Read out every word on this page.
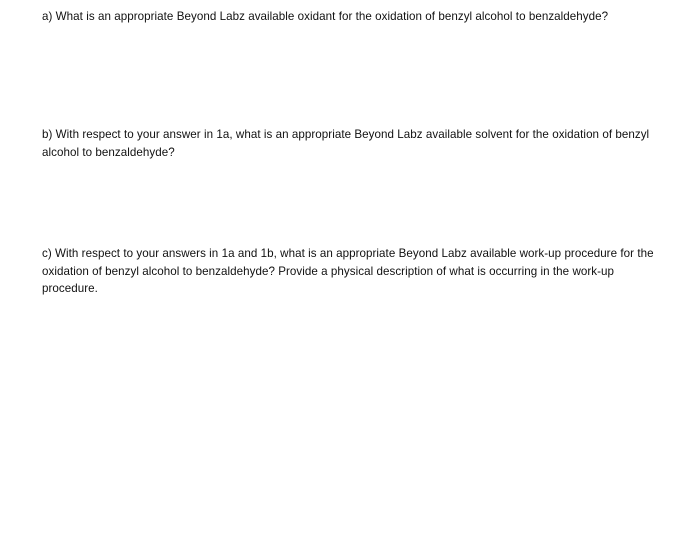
a) What is an appropriate Beyond Labz available oxidant for the oxidation of benzyl alcohol to benzaldehyde?

b) With respect to your answer in 1a, what is an appropriate Beyond Labz available solvent for the oxidation of benzyl alcohol to benzaldehyde?

c) With respect to your answers in 1a and 1b, what is an appropriate Beyond Labz available work-up procedure for the oxidation of benzyl alcohol to benzaldehyde? Provide a physical description of what is occurring in the work-up procedure.
